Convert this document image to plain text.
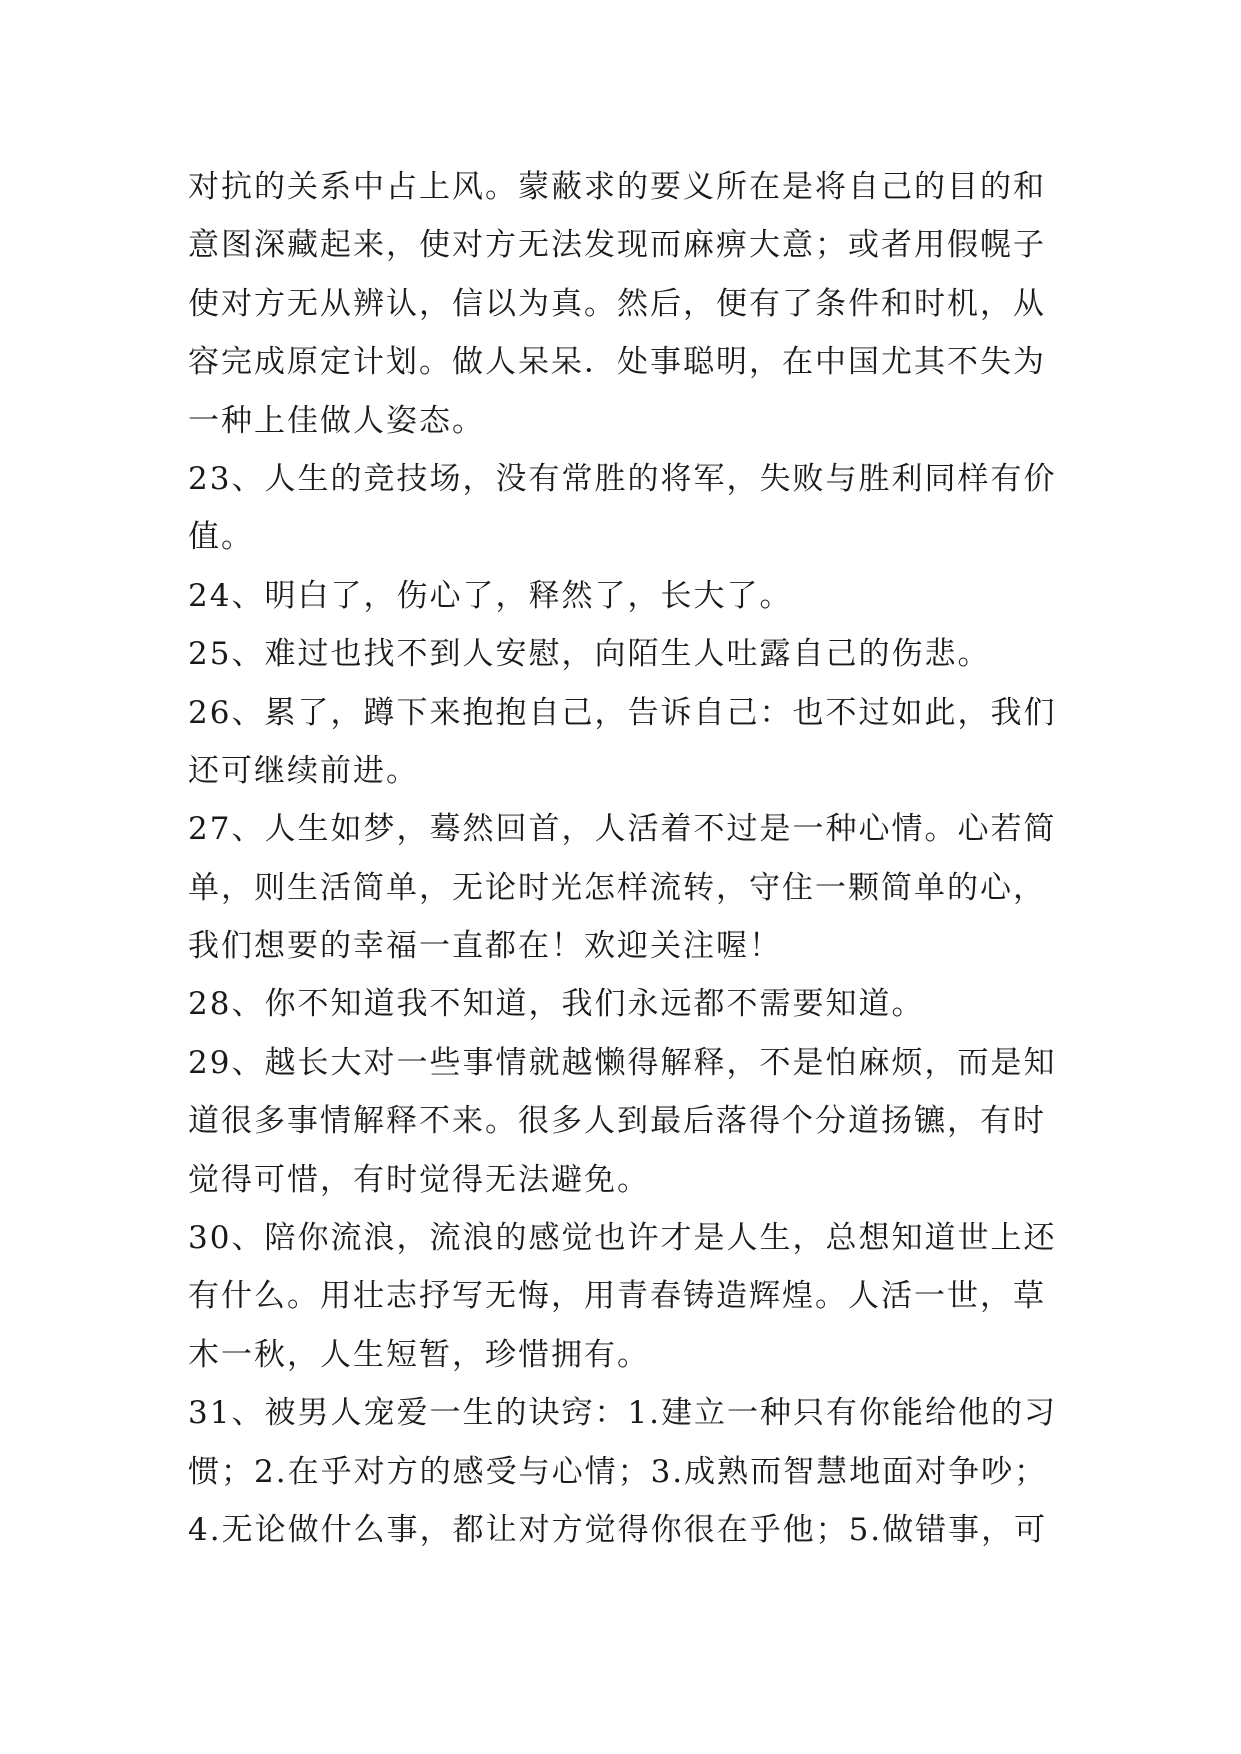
对抗的关系中占上风。蒙蔽求的要义所在是将自己的目的和
意图深藏起来，使对方无法发现而麻痹大意；或者用假幌子
使对方无从辨认，信以为真。然后，便有了条件和时机，从
容完成原定计划。做人呆呆．处事聪明，在中国尤其不失为
一种上佳做人姿态。
23、人生的竞技场，没有常胜的将军，失败与胜利同样有价
值。
24、明白了，伤心了，释然了，长大了。
25、难过也找不到人安慰，向陌生人吐露自己的伤悲。
26、累了，蹲下来抱抱自己，告诉自己：也不过如此，我们
还可继续前进。
27、人生如梦，蓦然回首，人活着不过是一种心情。心若简
单，则生活简单，无论时光怎样流转，守住一颗简单的心，
我们想要的幸福一直都在！欢迎关注喔！
28、你不知道我不知道，我们永远都不需要知道。
29、越长大对一些事情就越懒得解释，不是怕麻烦，而是知
道很多事情解释不来。很多人到最后落得个分道扬镳，有时
觉得可惜，有时觉得无法避免。
30、陪你流浪，流浪的感觉也许才是人生，总想知道世上还
有什么。用壮志抒写无悔，用青春铸造辉煌。人活一世，草
木一秋，人生短暂，珍惜拥有。
31、被男人宠爱一生的诀窍：1.建立一种只有你能给他的习
惯；2.在乎对方的感受与心情；3.成熟而智慧地面对争吵；
4.无论做什么事，都让对方觉得你很在乎他；5.做错事，可
